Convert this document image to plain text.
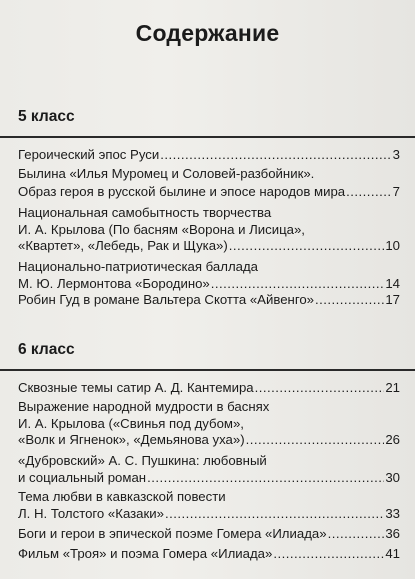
Содержание
5 класс
Героический эпос Руси . . .	3
Былина «Илья Муромец и Соловей-разбойник».
Образ героя в русской былине и эпосе народов мира . . .	7
Национальная самобытность творчества
И. А. Крылова (По басням «Ворона и Лисица»,
«Квартет», «Лебедь, Рак и Щука») . . .	10
Национально-патриотическая баллада
М. Ю. Лермонтова «Бородино» . . .	14
Робин Гуд в романе Вальтера Скотта «Айвенго» . . .	17
6 класс
Сквозные темы сатир А. Д. Кантемира . . .	21
Выражение народной мудрости в баснях
И. А. Крылова («Свинья под дубом»,
«Волк и Ягненок», «Демьянова уха») . . .	26
«Дубровский» А. С. Пушкина: любовный
и социальный роман . . .	30
Тема любви в кавказской повести
Л. Н. Толстого «Казаки» . . .	33
Боги и герои в эпической поэме Гомера «Илиада» . . .	36
Фильм «Троя» и поэма Гомера «Илиада» . . .	41
